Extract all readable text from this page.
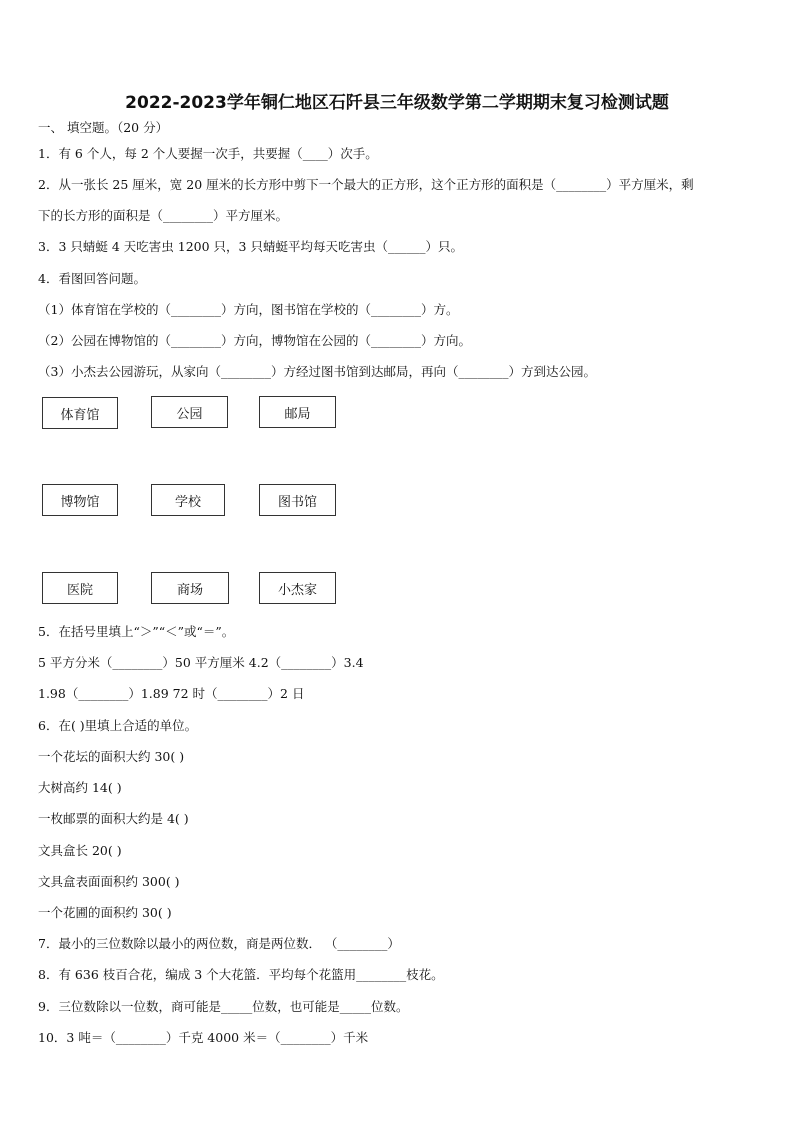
2022-2023学年铜仁地区石阡县三年级数学第二学期期末复习检测试题
一、 填空题。（20 分）
1．有 6 个人，每 2 个人要握一次手，共要握（____）次手。
2．从一张长 25 厘米，宽 20 厘米的长方形中剪下一个最大的正方形，这个正方形的面积是（________）平方厘米，剩
下的长方形的面积是（________）平方厘米。
3．3 只蜻蜓 4 天吃害虫 1200 只，3 只蜻蜓平均每天吃害虫（______）只。
4．看图回答问题。
（1）体育馆在学校的（________）方向，图书馆在学校的（________）方。
（2）公园在博物馆的（________）方向，博物馆在公园的（________）方向。
（3）小杰去公园游玩，从家向（________）方经过图书馆到达邮局，再向（________）方到达公园。
体育馆	公园	邮局
博物馆	学校	图书馆
医院	商场	小杰家
5．在括号里填上“＞”“＜”或“＝”。
5 平方分米（________）50 平方厘米 4.2（________）3.4
1.98（________）1.89 72 时（________）2 日
6．在( )里填上合适的单位。
一个花坛的面积大约 30( )
大树高约 14( )
一枚邮票的面积大约是 4( )
文具盒长 20( )
文具盒表面面积约 300( )
一个花圃的面积约 30( )
7．最小的三位数除以最小的两位数，商是两位数． （________）
8．有 636 枝百合花，编成 3 个大花篮．平均每个花篮用________枝花。
9．三位数除以一位数，商可能是_____位数，也可能是_____位数。
10．3 吨＝（________）千克 4000 米＝（________）千米
